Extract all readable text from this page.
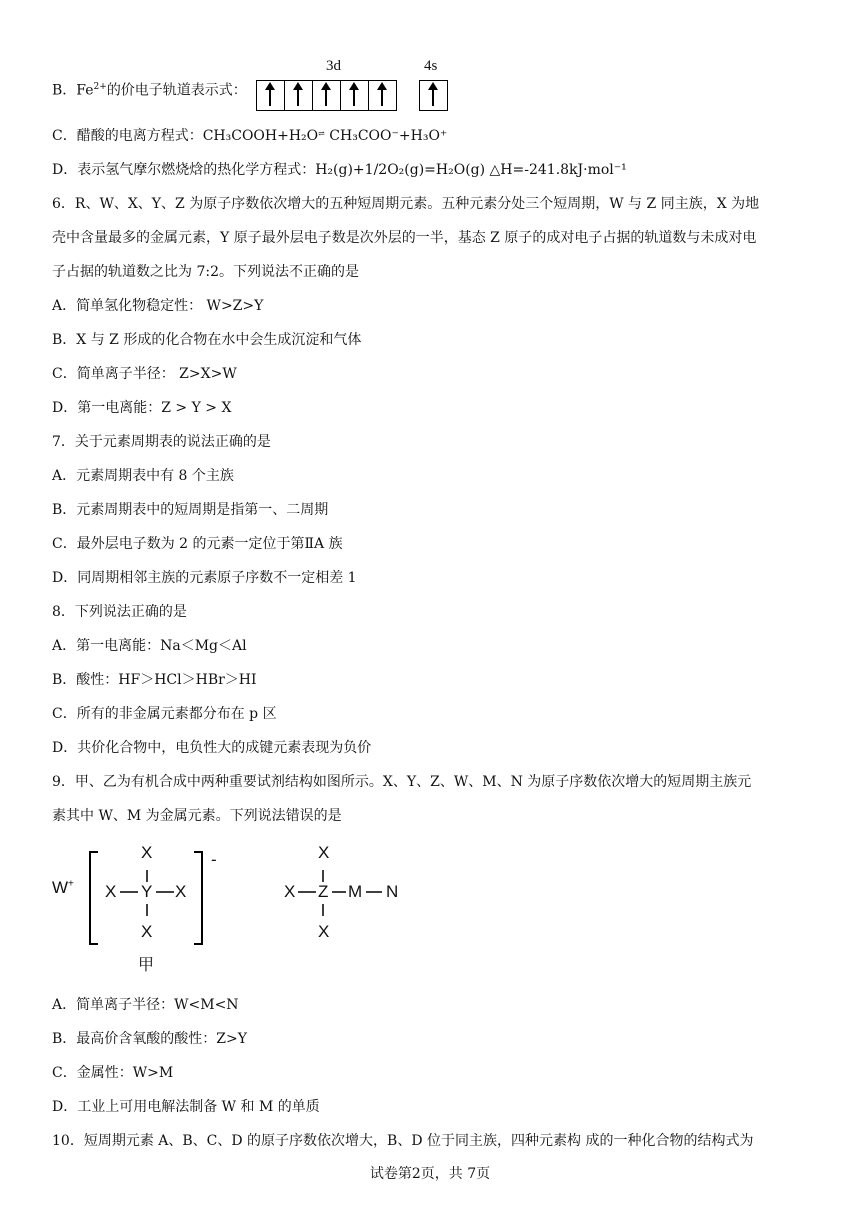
B．$Fe^{2+}$的价电子轨道表示式：
3d	4s
C．醋酸的电离方程式：CH₃COOH+H₂O⇌ CH₃COO⁻+H₃O⁺
D．表示氢气摩尔燃烧焓的热化学方程式：H₂(g)+1/2O₂(g)=H₂O(g) △H=-241.8kJ·mol⁻¹
6．R、W、X、Y、Z 为原子序数依次增大的五种短周期元素。五种元素分处三个短周期，W 与 Z 同主族，X 为地
壳中含量最多的金属元素，Y 原子最外层电子数是次外层的一半，基态 Z 原子的成对电子占据的轨道数与未成对电
子占据的轨道数之比为 7:2。下列说法不正确的是
A．简单氢化物稳定性： W>Z>Y
B．X 与 Z 形成的化合物在水中会生成沉淀和气体
C．简单离子半径： Z>X>W
D．第一电离能：Z > Y > X
7．关于元素周期表的说法正确的是
A．元素周期表中有 8 个主族
B．元素周期表中的短周期是指第一、二周期
C．最外层电子数为 2 的元素一定位于第ⅡA 族
D．同周期相邻主族的元素原子序数不一定相差 1
8．下列说法正确的是
A．第一电离能：Na＜Mg＜Al
B．酸性：HF＞HCl＞HBr＞HI
C．所有的非金属元素都分布在 p 区
D．共价化合物中，电负性大的成键元素表现为负价
9．甲、乙为有机合成中两种重要试剂结构如图所示。X、Y、Z、W、M、N 为原子序数依次增大的短周期主族元
素其中 W、M 为金属元素。下列说法错误的是
W+
X
X Y X
X
-
甲
X
X Z M N
X
A．简单离子半径：W<M<N
B．最高价含氧酸的酸性：Z>Y
C．金属性：W>M
D．工业上可用电解法制备 W 和 M 的单质
10．短周期元素 A、B、C、D 的原子序数依次增大，B、D 位于同主族，四种元素构 成的一种化合物的结构式为
试卷第2页，共 7页
